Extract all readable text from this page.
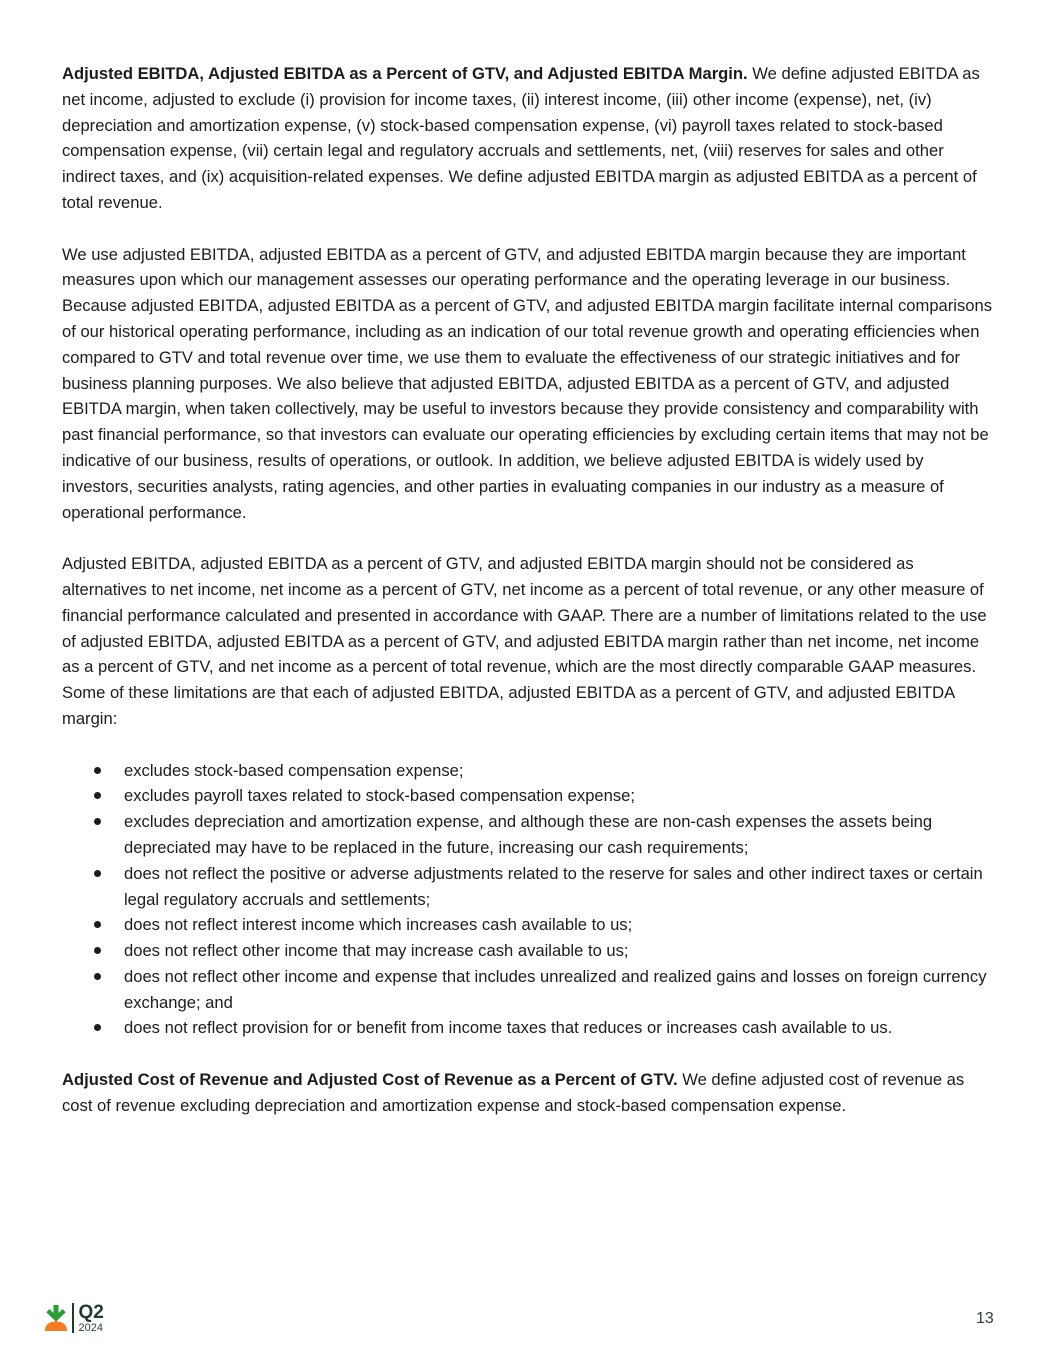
Adjusted EBITDA, Adjusted EBITDA as a Percent of GTV, and Adjusted EBITDA Margin. We define adjusted EBITDA as net income, adjusted to exclude (i) provision for income taxes, (ii) interest income, (iii) other income (expense), net, (iv) depreciation and amortization expense, (v) stock-based compensation expense, (vi) payroll taxes related to stock-based compensation expense, (vii) certain legal and regulatory accruals and settlements, net, (viii) reserves for sales and other indirect taxes, and (ix) acquisition-related expenses. We define adjusted EBITDA margin as adjusted EBITDA as a percent of total revenue.

We use adjusted EBITDA, adjusted EBITDA as a percent of GTV, and adjusted EBITDA margin because they are important measures upon which our management assesses our operating performance and the operating leverage in our business. Because adjusted EBITDA, adjusted EBITDA as a percent of GTV, and adjusted EBITDA margin facilitate internal comparisons of our historical operating performance, including as an indication of our total revenue growth and operating efficiencies when compared to GTV and total revenue over time, we use them to evaluate the effectiveness of our strategic initiatives and for business planning purposes. We also believe that adjusted EBITDA, adjusted EBITDA as a percent of GTV, and adjusted EBITDA margin, when taken collectively, may be useful to investors because they provide consistency and comparability with past financial performance, so that investors can evaluate our operating efficiencies by excluding certain items that may not be indicative of our business, results of operations, or outlook. In addition, we believe adjusted EBITDA is widely used by investors, securities analysts, rating agencies, and other parties in evaluating companies in our industry as a measure of operational performance.

Adjusted EBITDA, adjusted EBITDA as a percent of GTV, and adjusted EBITDA margin should not be considered as alternatives to net income, net income as a percent of GTV, net income as a percent of total revenue, or any other measure of financial performance calculated and presented in accordance with GAAP. There are a number of limitations related to the use of adjusted EBITDA, adjusted EBITDA as a percent of GTV, and adjusted EBITDA margin rather than net income, net income as a percent of GTV, and net income as a percent of total revenue, which are the most directly comparable GAAP measures. Some of these limitations are that each of adjusted EBITDA, adjusted EBITDA as a percent of GTV, and adjusted EBITDA margin:

excludes stock-based compensation expense;
excludes payroll taxes related to stock-based compensation expense;
excludes depreciation and amortization expense, and although these are non-cash expenses the assets being depreciated may have to be replaced in the future, increasing our cash requirements;
does not reflect the positive or adverse adjustments related to the reserve for sales and other indirect taxes or certain legal regulatory accruals and settlements;
does not reflect interest income which increases cash available to us;
does not reflect other income that may increase cash available to us;
does not reflect other income and expense that includes unrealized and realized gains and losses on foreign currency exchange; and
does not reflect provision for or benefit from income taxes that reduces or increases cash available to us.

Adjusted Cost of Revenue and Adjusted Cost of Revenue as a Percent of GTV. We define adjusted cost of revenue as cost of revenue excluding depreciation and amortization expense and stock-based compensation expense.

Q2
2024
13
